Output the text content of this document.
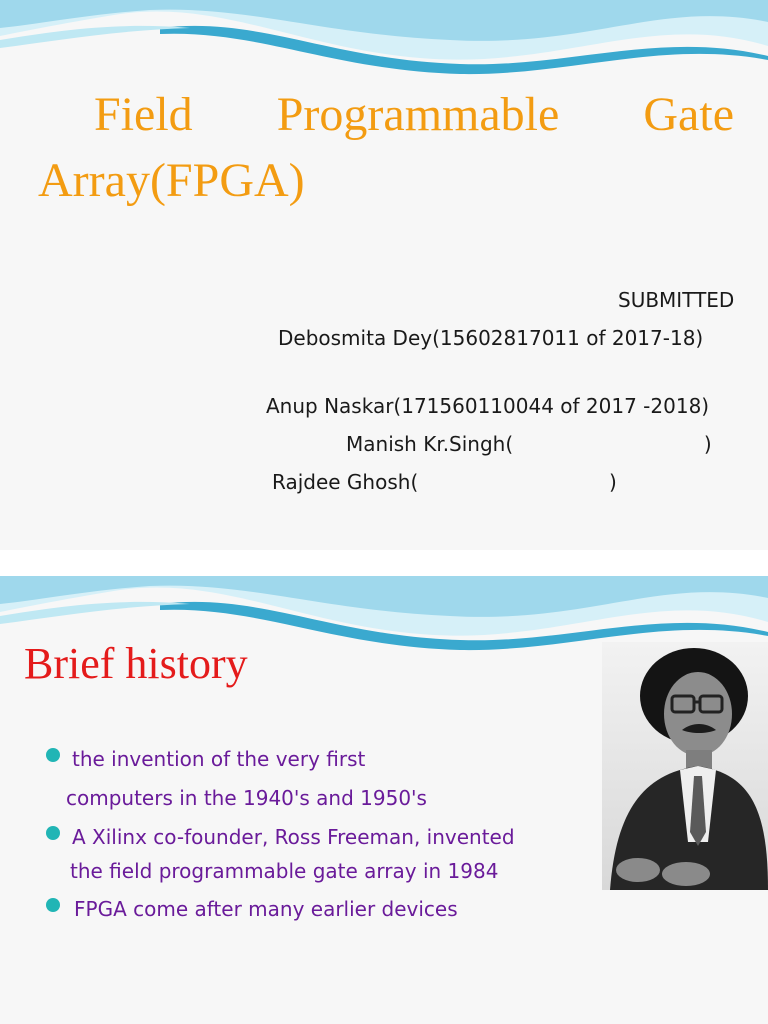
Field Programmable Gate
Array(FPGA)
SUBMITTED
Debosmita Dey(15602817011 of 2017-18)
Anup Naskar(171560110044 of 2017 -2018)
Manish Kr.Singh(                              )
Rajdee Ghosh(                              )
Brief history
the invention of the very first
computers in the 1940's and 1950's
A Xilinx co-founder, Ross Freeman, invented
the field programmable gate array in 1984
FPGA come after many earlier devices
